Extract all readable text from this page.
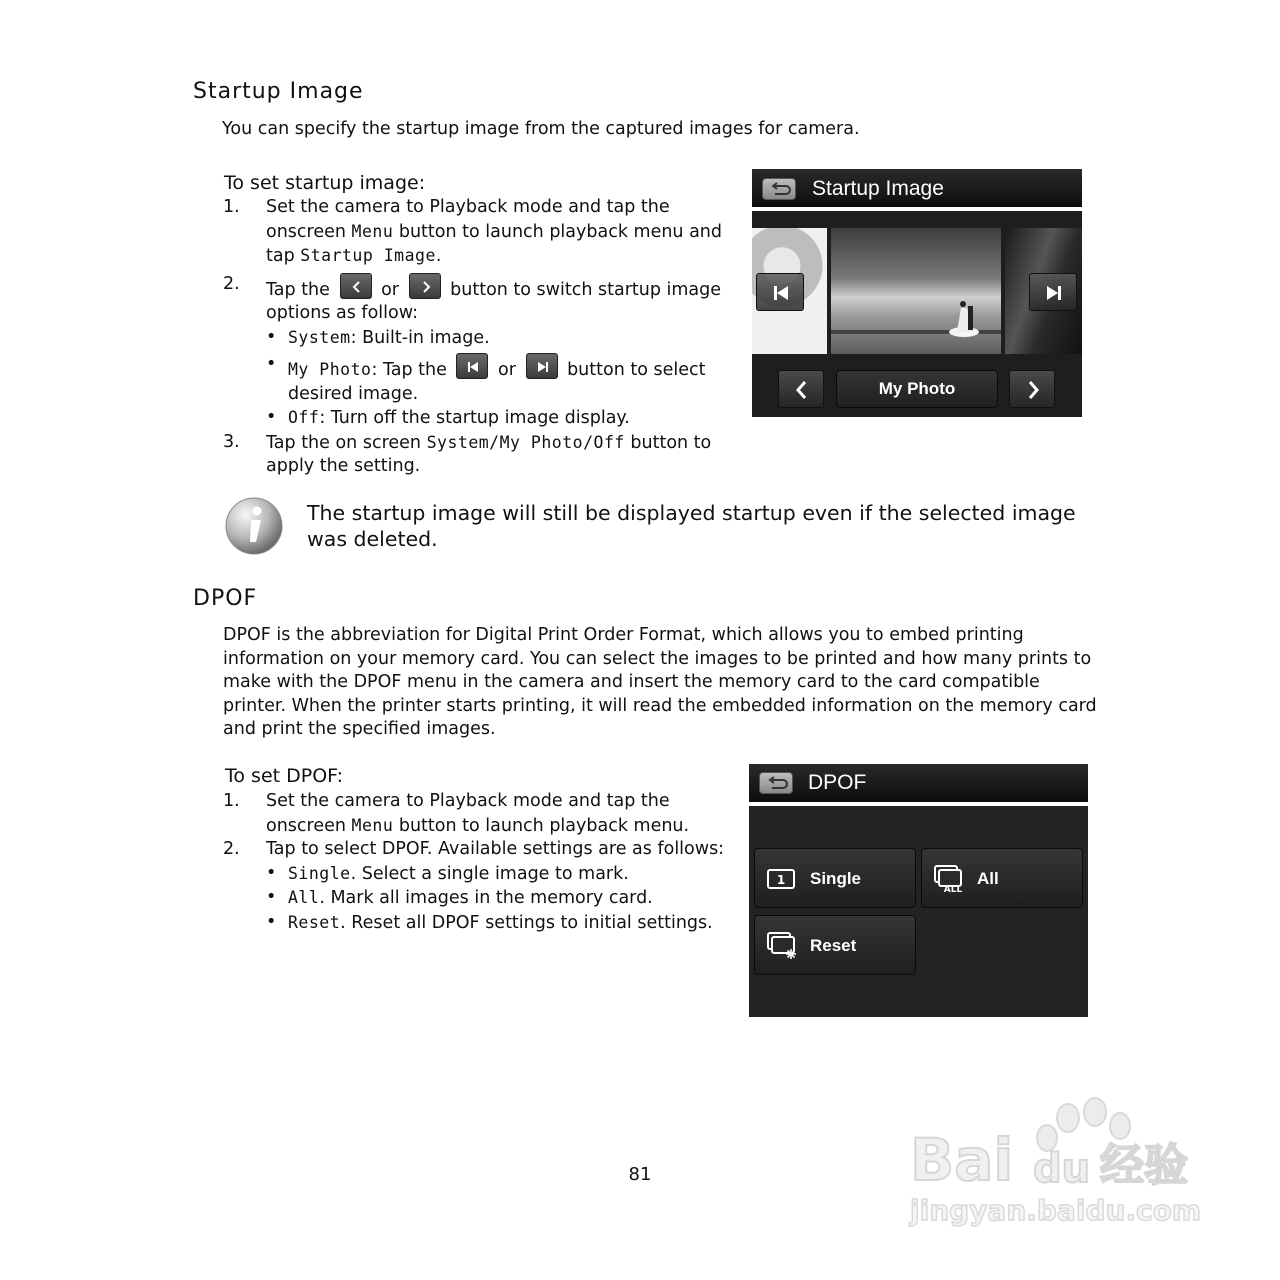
Startup Image
You can specify the startup image from the captured images for camera.
To set startup image:
1. Set the camera to Playback mode and tap the
onscreen Menu button to launch playback menu and
tap Startup Image.
2. Tap the	or	button to switch startup image
options as follow:
• System: Built-in image.
• My Photo: Tap the	or	button to select
desired image.
• Off: Turn off the startup image display.
3. Tap the on screen System/My Photo/Off button to
apply the setting.
Startup Image
My Photo
The startup image will still be displayed startup even if the selected image was deleted.
DPOF
DPOF is the abbreviation for Digital Print Order Format, which allows you to embed printing information on your memory card. You can select the images to be printed and how many prints to make with the DPOF menu in the camera and insert the memory card to the card compatible printer. When the printer starts printing, it will read the embedded information on the memory card and print the specified images.
To set DPOF:
1. Set the camera to Playback mode and tap the
onscreen Menu button to launch playback menu.
2. Tap to select DPOF. Available settings are as follows:
• Single. Select a single image to mark.
• All. Mark all images in the memory card.
• Reset. Reset all DPOF settings to initial settings.
DPOF
1 Single
ALL
All
Reset
81	Bai du 经验
jingyan.baidu.com
